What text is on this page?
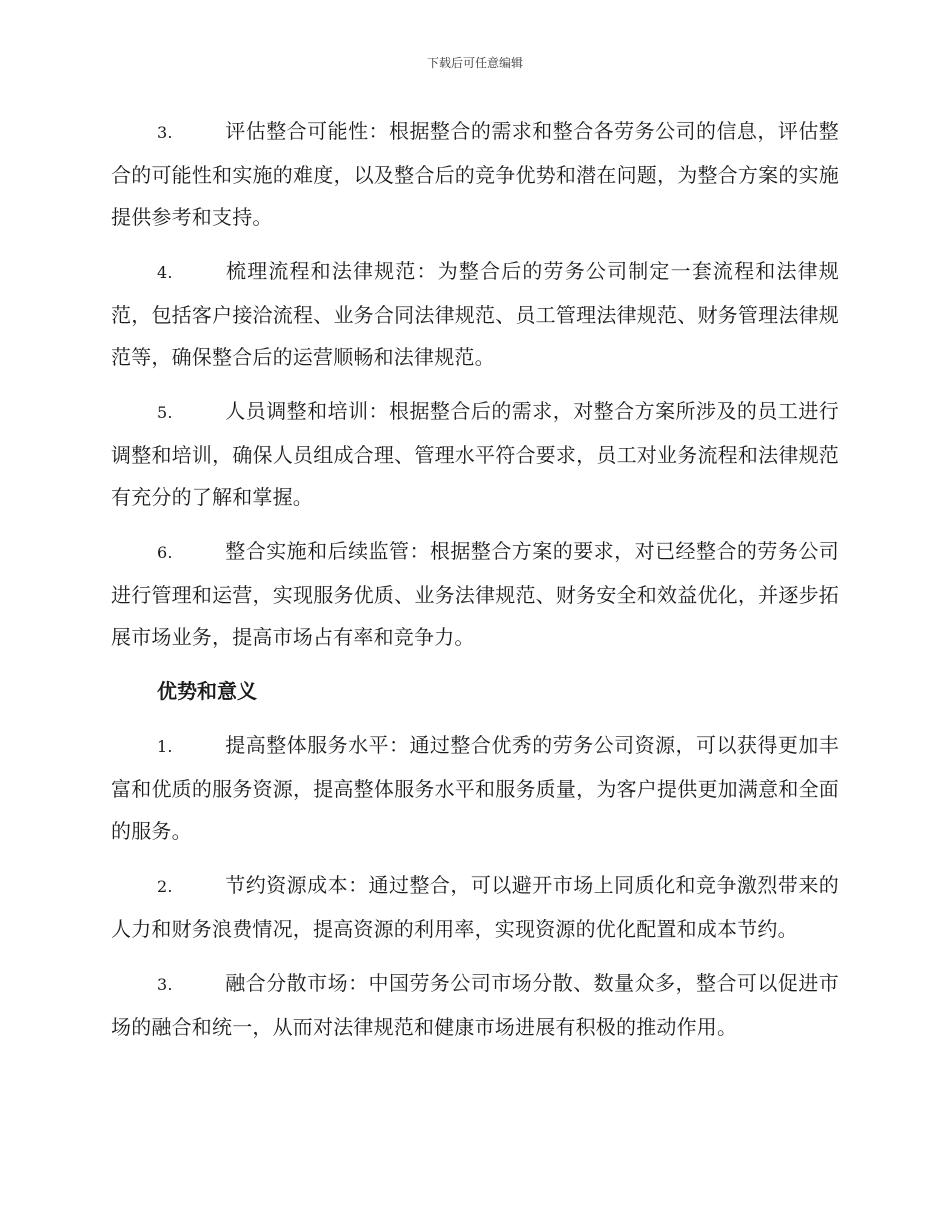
下载后可任意编辑

3.	评估整合可能性：根据整合的需求和整合各劳务公司的信息，评估整合的可能性和实施的难度，以及整合后的竞争优势和潜在问题，为整合方案的实施提供参考和支持。

4.	梳理流程和法律规范：为整合后的劳务公司制定一套流程和法律规范，包括客户接洽流程、业务合同法律规范、员工管理法律规范、财务管理法律规范等，确保整合后的运营顺畅和法律规范。

5.	人员调整和培训：根据整合后的需求，对整合方案所涉及的员工进行调整和培训，确保人员组成合理、管理水平符合要求，员工对业务流程和法律规范有充分的了解和掌握。

6.	整合实施和后续监管：根据整合方案的要求，对已经整合的劳务公司进行管理和运营，实现服务优质、业务法律规范、财务安全和效益优化，并逐步拓展市场业务，提高市场占有率和竞争力。

优势和意义

1.	提高整体服务水平：通过整合优秀的劳务公司资源，可以获得更加丰富和优质的服务资源，提高整体服务水平和服务质量，为客户提供更加满意和全面的服务。

2.	节约资源成本：通过整合，可以避开市场上同质化和竞争激烈带来的人力和财务浪费情况，提高资源的利用率，实现资源的优化配置和成本节约。

3.	融合分散市场：中国劳务公司市场分散、数量众多，整合可以促进市场的融合和统一，从而对法律规范和健康市场进展有积极的推动作用。
